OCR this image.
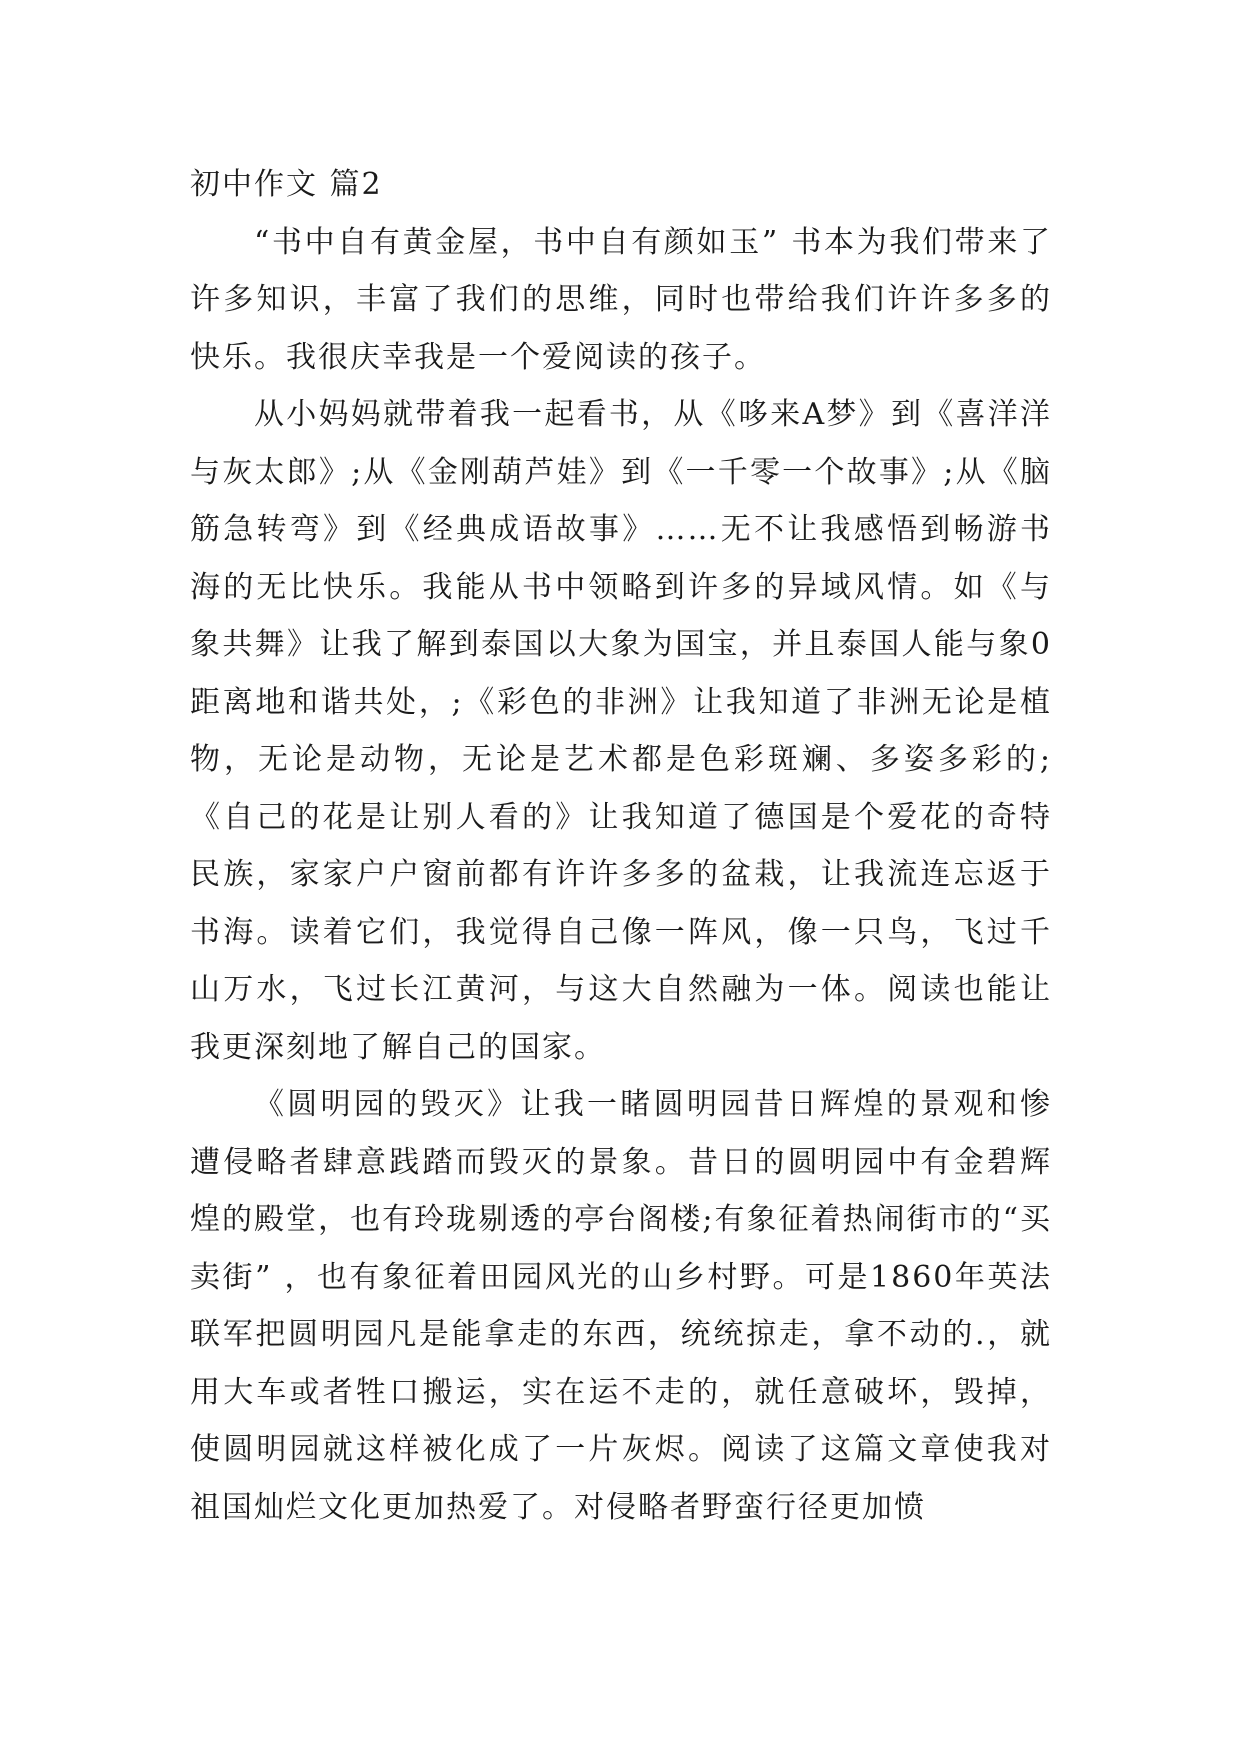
初中作文 篇2

“书中自有黄金屋，书中自有颜如玉” 书本为我们带来了许多知识，丰富了我们的思维，同时也带给我们许许多多的快乐。我很庆幸我是一个爱阅读的孩子。

从小妈妈就带着我一起看书，从《哆来A梦》到《喜洋洋与灰太郎》;从《金刚葫芦娃》到《一千零一个故事》;从《脑筋急转弯》到《经典成语故事》……无不让我感悟到畅游书海的无比快乐。我能从书中领略到许多的异域风情。如《与象共舞》让我了解到泰国以大象为国宝，并且泰国人能与象0距离地和谐共处，;《彩色的非洲》让我知道了非洲无论是植物，无论是动物，无论是艺术都是色彩斑斓、多姿多彩的;《自己的花是让别人看的》让我知道了德国是个爱花的奇特民族，家家户户窗前都有许许多多的盆栽，让我流连忘返于书海。读着它们，我觉得自己像一阵风，像一只鸟，飞过千山万水，飞过长江黄河，与这大自然融为一体。阅读也能让我更深刻地了解自己的国家。

《圆明园的毁灭》让我一睹圆明园昔日辉煌的景观和惨遭侵略者肆意践踏而毁灭的景象。昔日的圆明园中有金碧辉煌的殿堂，也有玲珑剔透的亭台阁楼;有象征着热闹街市的“买卖街” ，也有象征着田园风光的山乡村野。可是1860年英法联军把圆明园凡是能拿走的东西，统统掠走，拿不动的.，就用大车或者牲口搬运，实在运不走的，就任意破坏，毁掉，使圆明园就这样被化成了一片灰烬。阅读了这篇文章使我对祖国灿烂文化更加热爱了。对侵略者野蛮行径更加愤
